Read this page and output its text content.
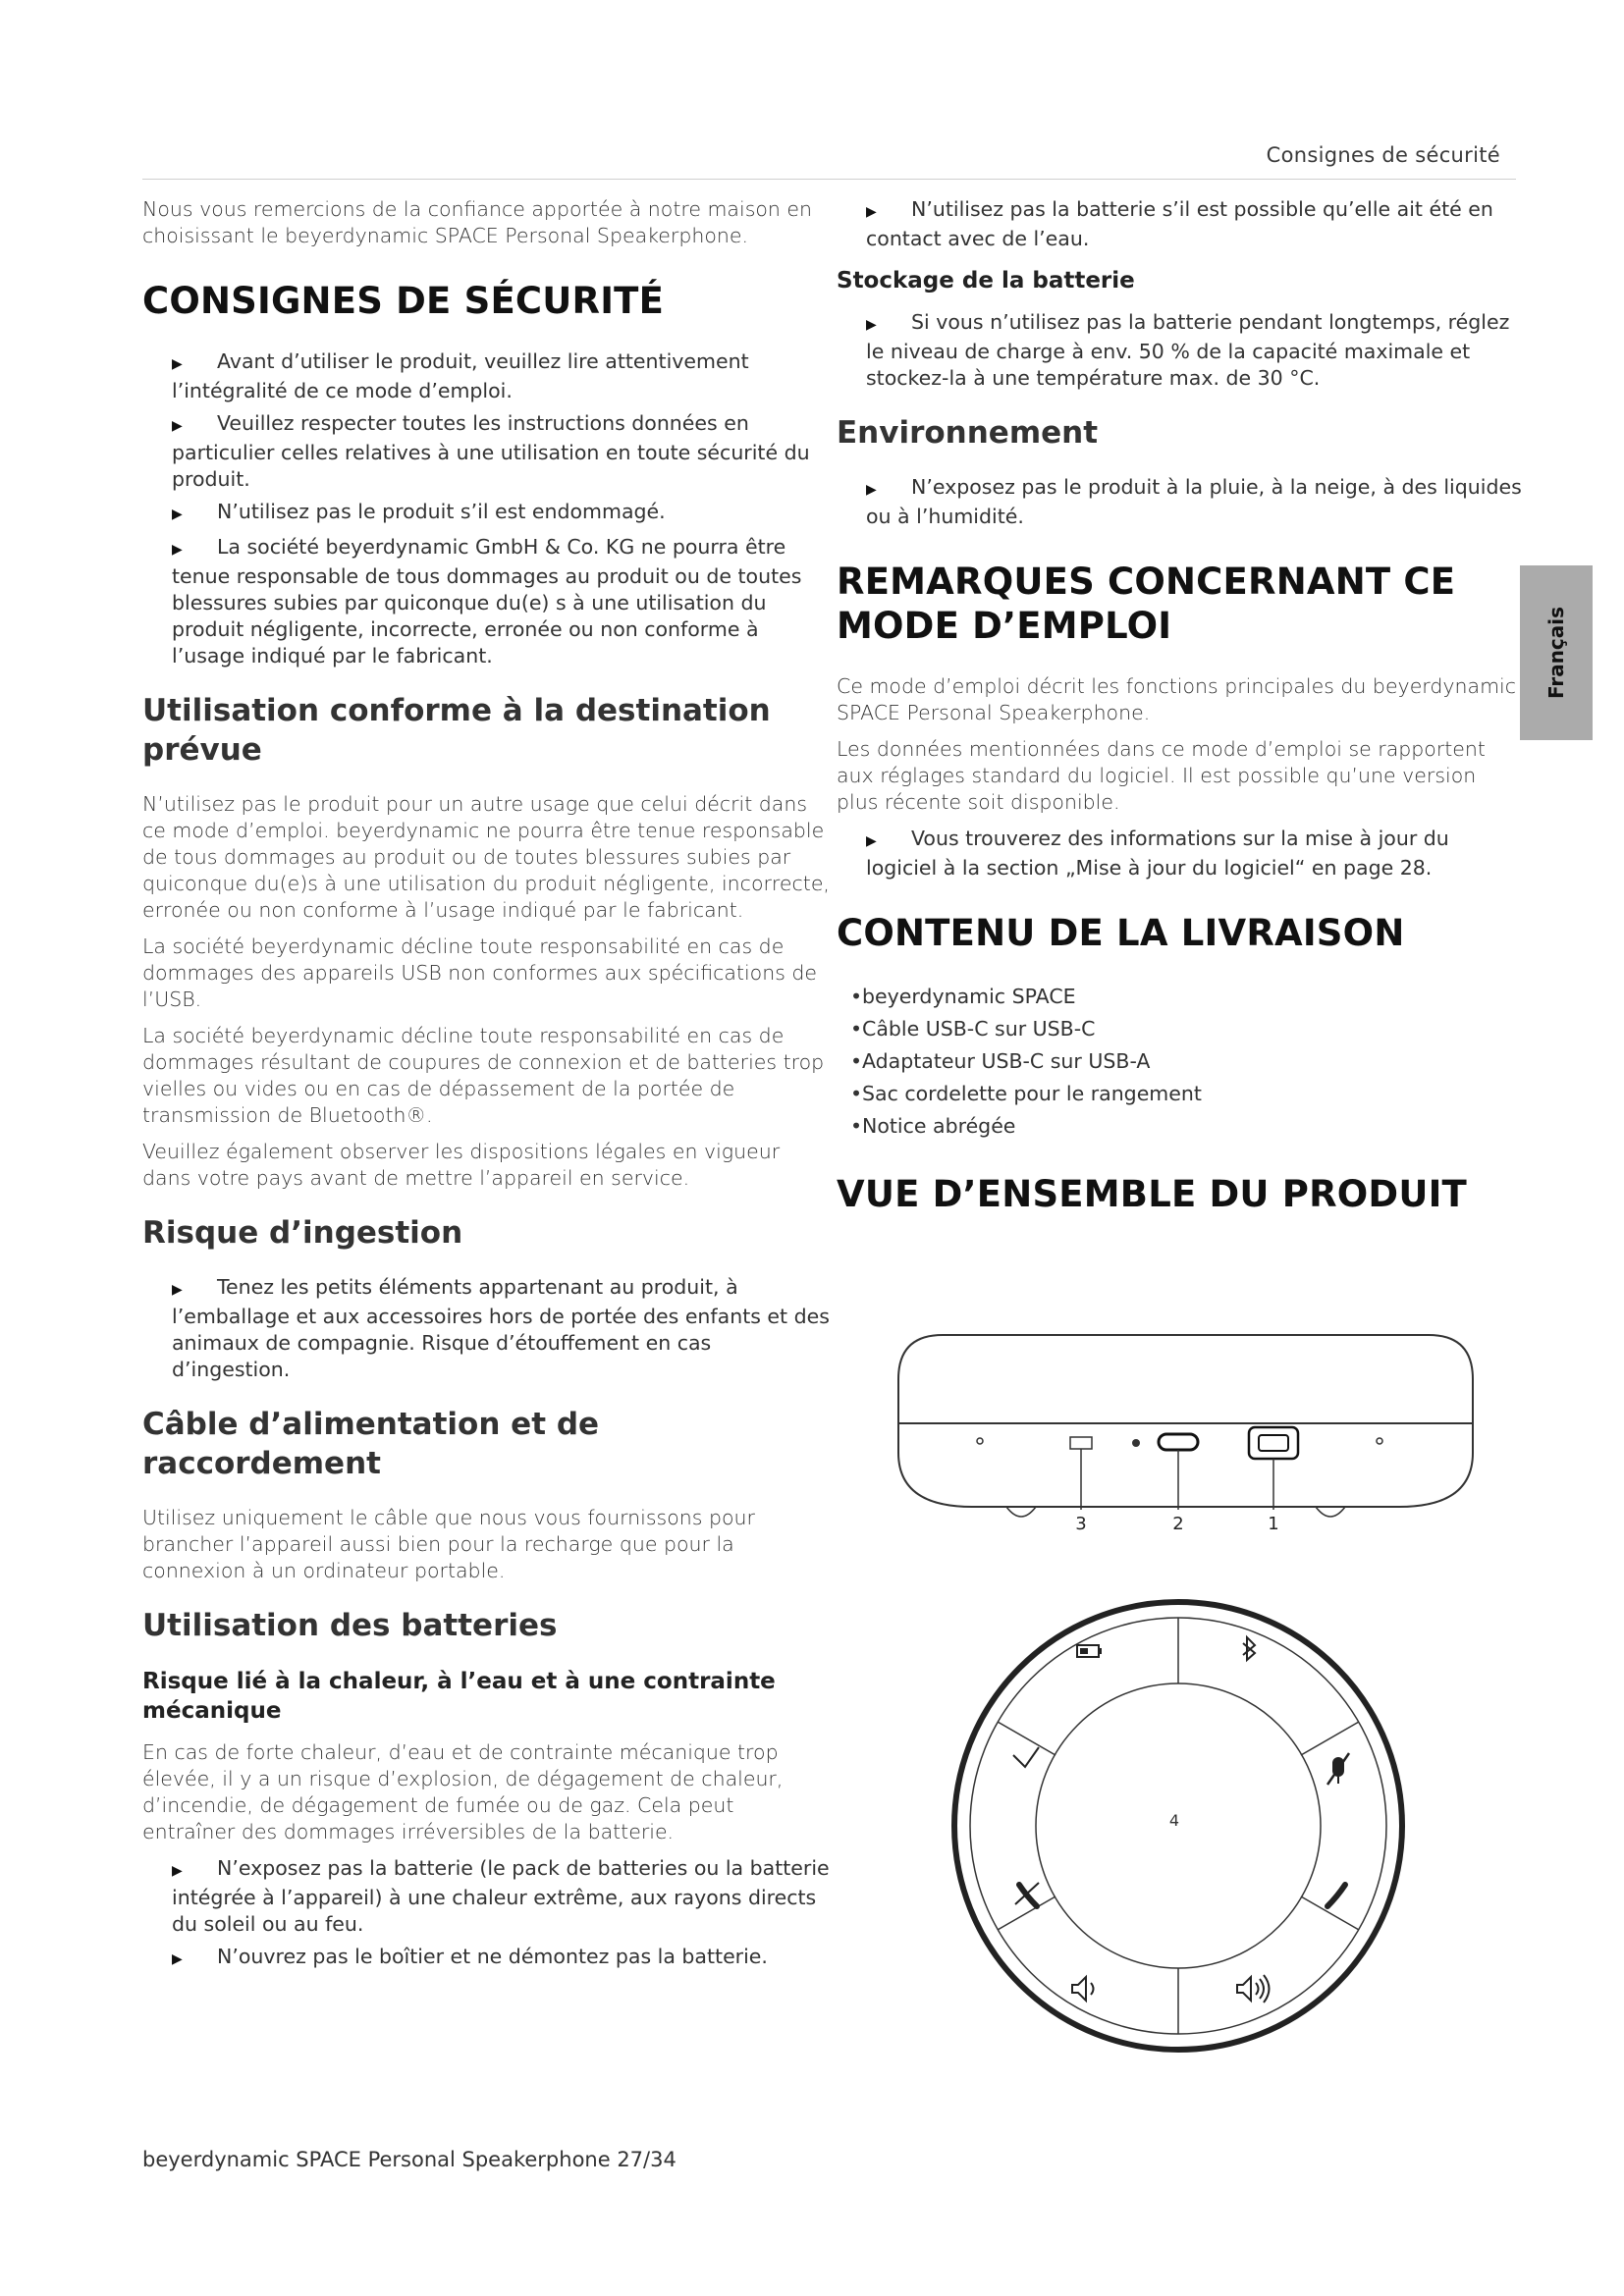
Consignes de sécurité
Français

Nous vous remercions de la confiance apportée à notre maison en choisissant le beyerdynamic SPACE Personal Speakerphone.

CONSIGNES DE SÉCURITÉ
▶ Avant d’utiliser le produit, veuillez lire attentivement l’intégralité de ce mode d’emploi.
▶ Veuillez respecter toutes les instructions données en particulier celles relatives à une utilisation en toute sécurité du produit.
▶ N’utilisez pas le produit s’il est endommagé.
▶ La société beyerdynamic GmbH & Co. KG ne pourra être tenue responsable de tous dommages au produit ou de toutes blessures subies par quiconque du(e) s à une utilisation du produit négligente, incorrecte, erronée ou non conforme à l’usage indiqué par le fabricant.
Utilisation conforme à la destination prévue

N’utilisez pas le produit pour un autre usage que celui décrit dans ce mode d’emploi. beyerdynamic ne pourra être tenue responsable de tous dommages au produit ou de toutes blessures subies par quiconque du(e)s à une utilisation du produit négligente, incorrecte, erronée ou non conforme à l’usage indiqué par le fabricant.

La société beyerdynamic décline toute responsabilité en cas de dommages des appareils USB non conformes aux spécifications de l’USB.

La société beyerdynamic décline toute responsabilité en cas de dommages résultant de coupures de connexion et de batteries trop vielles ou vides ou en cas de dépassement de la portée de transmission de Bluetooth®.

Veuillez également observer les dispositions légales en vigueur dans votre pays avant de mettre l’appareil en service.

Risque d’ingestion
▶ Tenez les petits éléments appartenant au produit, à l’emballage et aux accessoires hors de portée des enfants et des animaux de compagnie. Risque d’étouffement en cas d’ingestion.
Câble d’alimentation et de raccordement

Utilisez uniquement le câble que nous vous fournissons pour brancher l’appareil aussi bien pour la recharge que pour la connexion à un ordinateur portable.

Utilisation des batteries
Risque lié à la chaleur, à l’eau et à une contrainte mécanique

En cas de forte chaleur, d’eau et de contrainte mécanique trop élevée, il y a un risque d’explosion, de dégagement de chaleur, d’incendie, de dégagement de fumée ou de gaz. Cela peut entraîner des dommages irréversibles de la batterie.

▶ N’exposez pas la batterie (le pack de batteries ou la batterie intégrée à l’appareil) à une chaleur extrême, aux rayons directs du soleil ou au feu.
▶ N’ouvrez pas le boîtier et ne démontez pas la batterie.
▶ N’utilisez pas la batterie s’il est possible qu’elle ait été en contact avec de l’eau.
Stockage de la batterie
▶ Si vous n’utilisez pas la batterie pendant longtemps, réglez le niveau de charge à env. 50 % de la capacité maximale et stockez-la à une température max. de 30 °C.
Environnement
▶ N’exposez pas le produit à la pluie, à la neige, à des liquides ou à l’humidité.
REMARQUES CONCERNANT CE MODE D’EMPLOI

Ce mode d’emploi décrit les fonctions principales du beyerdynamic SPACE Personal Speakerphone.

Les données mentionnées dans ce mode d’emploi se rapportent aux réglages standard du logiciel. Il est possible qu’une version plus récente soit disponible.

▶ Vous trouverez des informations sur la mise à jour du logiciel à la section „Mise à jour du logiciel“ en page 28.
CONTENU DE LA LIVRAISON
•beyerdynamic SPACE
•Câble USB-C sur USB-C
•Adaptateur USB-C sur USB-A
•Sac cordelette pour le rangement
•Notice abrégée
VUE D’ENSEMBLE DU PRODUIT
3	2	1
4
beyerdynamic SPACE Personal Speakerphone 27/34
